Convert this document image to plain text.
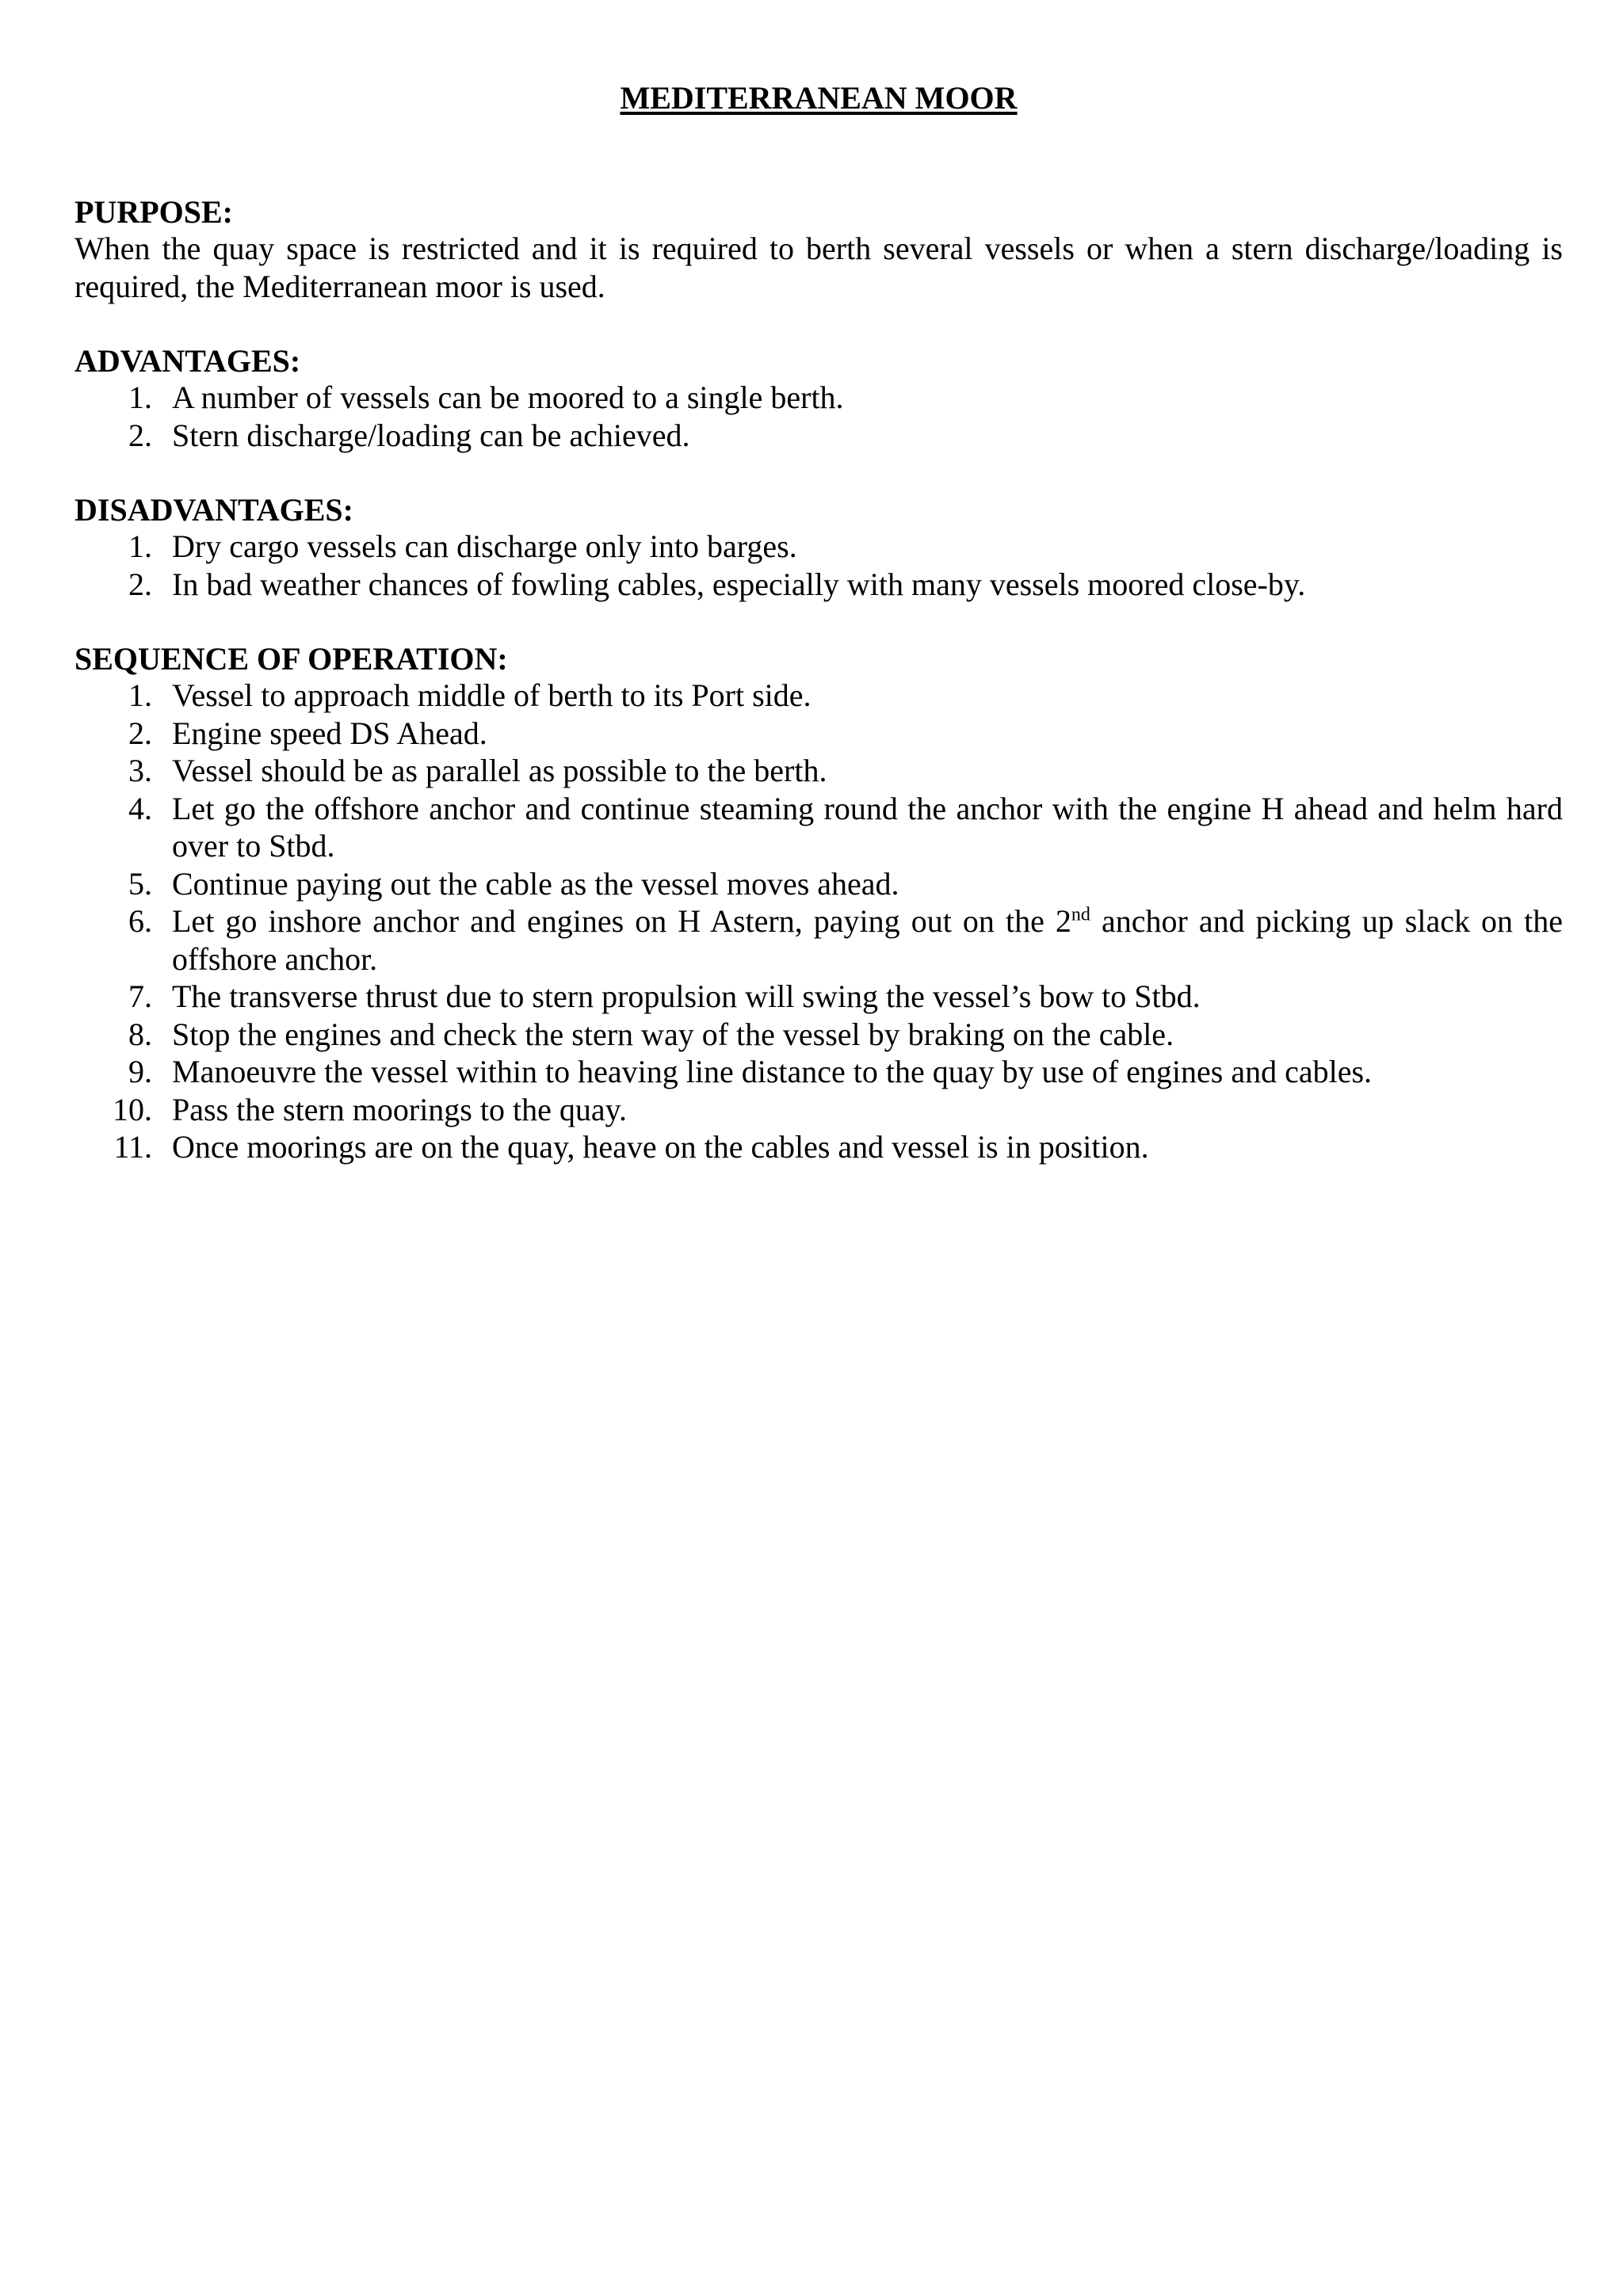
MEDITERRANEAN MOOR
PURPOSE:
When the quay space is restricted and it is required to berth several vessels or when a stern discharge/loading is required, the Mediterranean moor is used.
ADVANTAGES:
1. A number of vessels can be moored to a single berth.
2. Stern discharge/loading can be achieved.
DISADVANTAGES:
1. Dry cargo vessels can discharge only into barges.
2. In bad weather chances of fowling cables, especially with many vessels moored close-by.
SEQUENCE OF OPERATION:
1. Vessel to approach middle of berth to its Port side.
2. Engine speed DS Ahead.
3. Vessel should be as parallel as possible to the berth.
4. Let go the offshore anchor and continue steaming round the anchor with the engine H ahead and helm hard over to Stbd.
5. Continue paying out the cable as the vessel moves ahead.
6. Let go inshore anchor and engines on H Astern, paying out on the 2nd anchor and picking up slack on the offshore anchor.
7. The transverse thrust due to stern propulsion will swing the vessel’s bow to Stbd.
8. Stop the engines and check the stern way of the vessel by braking on the cable.
9. Manoeuvre the vessel within to heaving line distance to the quay by use of engines and cables.
10. Pass the stern moorings to the quay.
11. Once moorings are on the quay, heave on the cables and vessel is in position.
